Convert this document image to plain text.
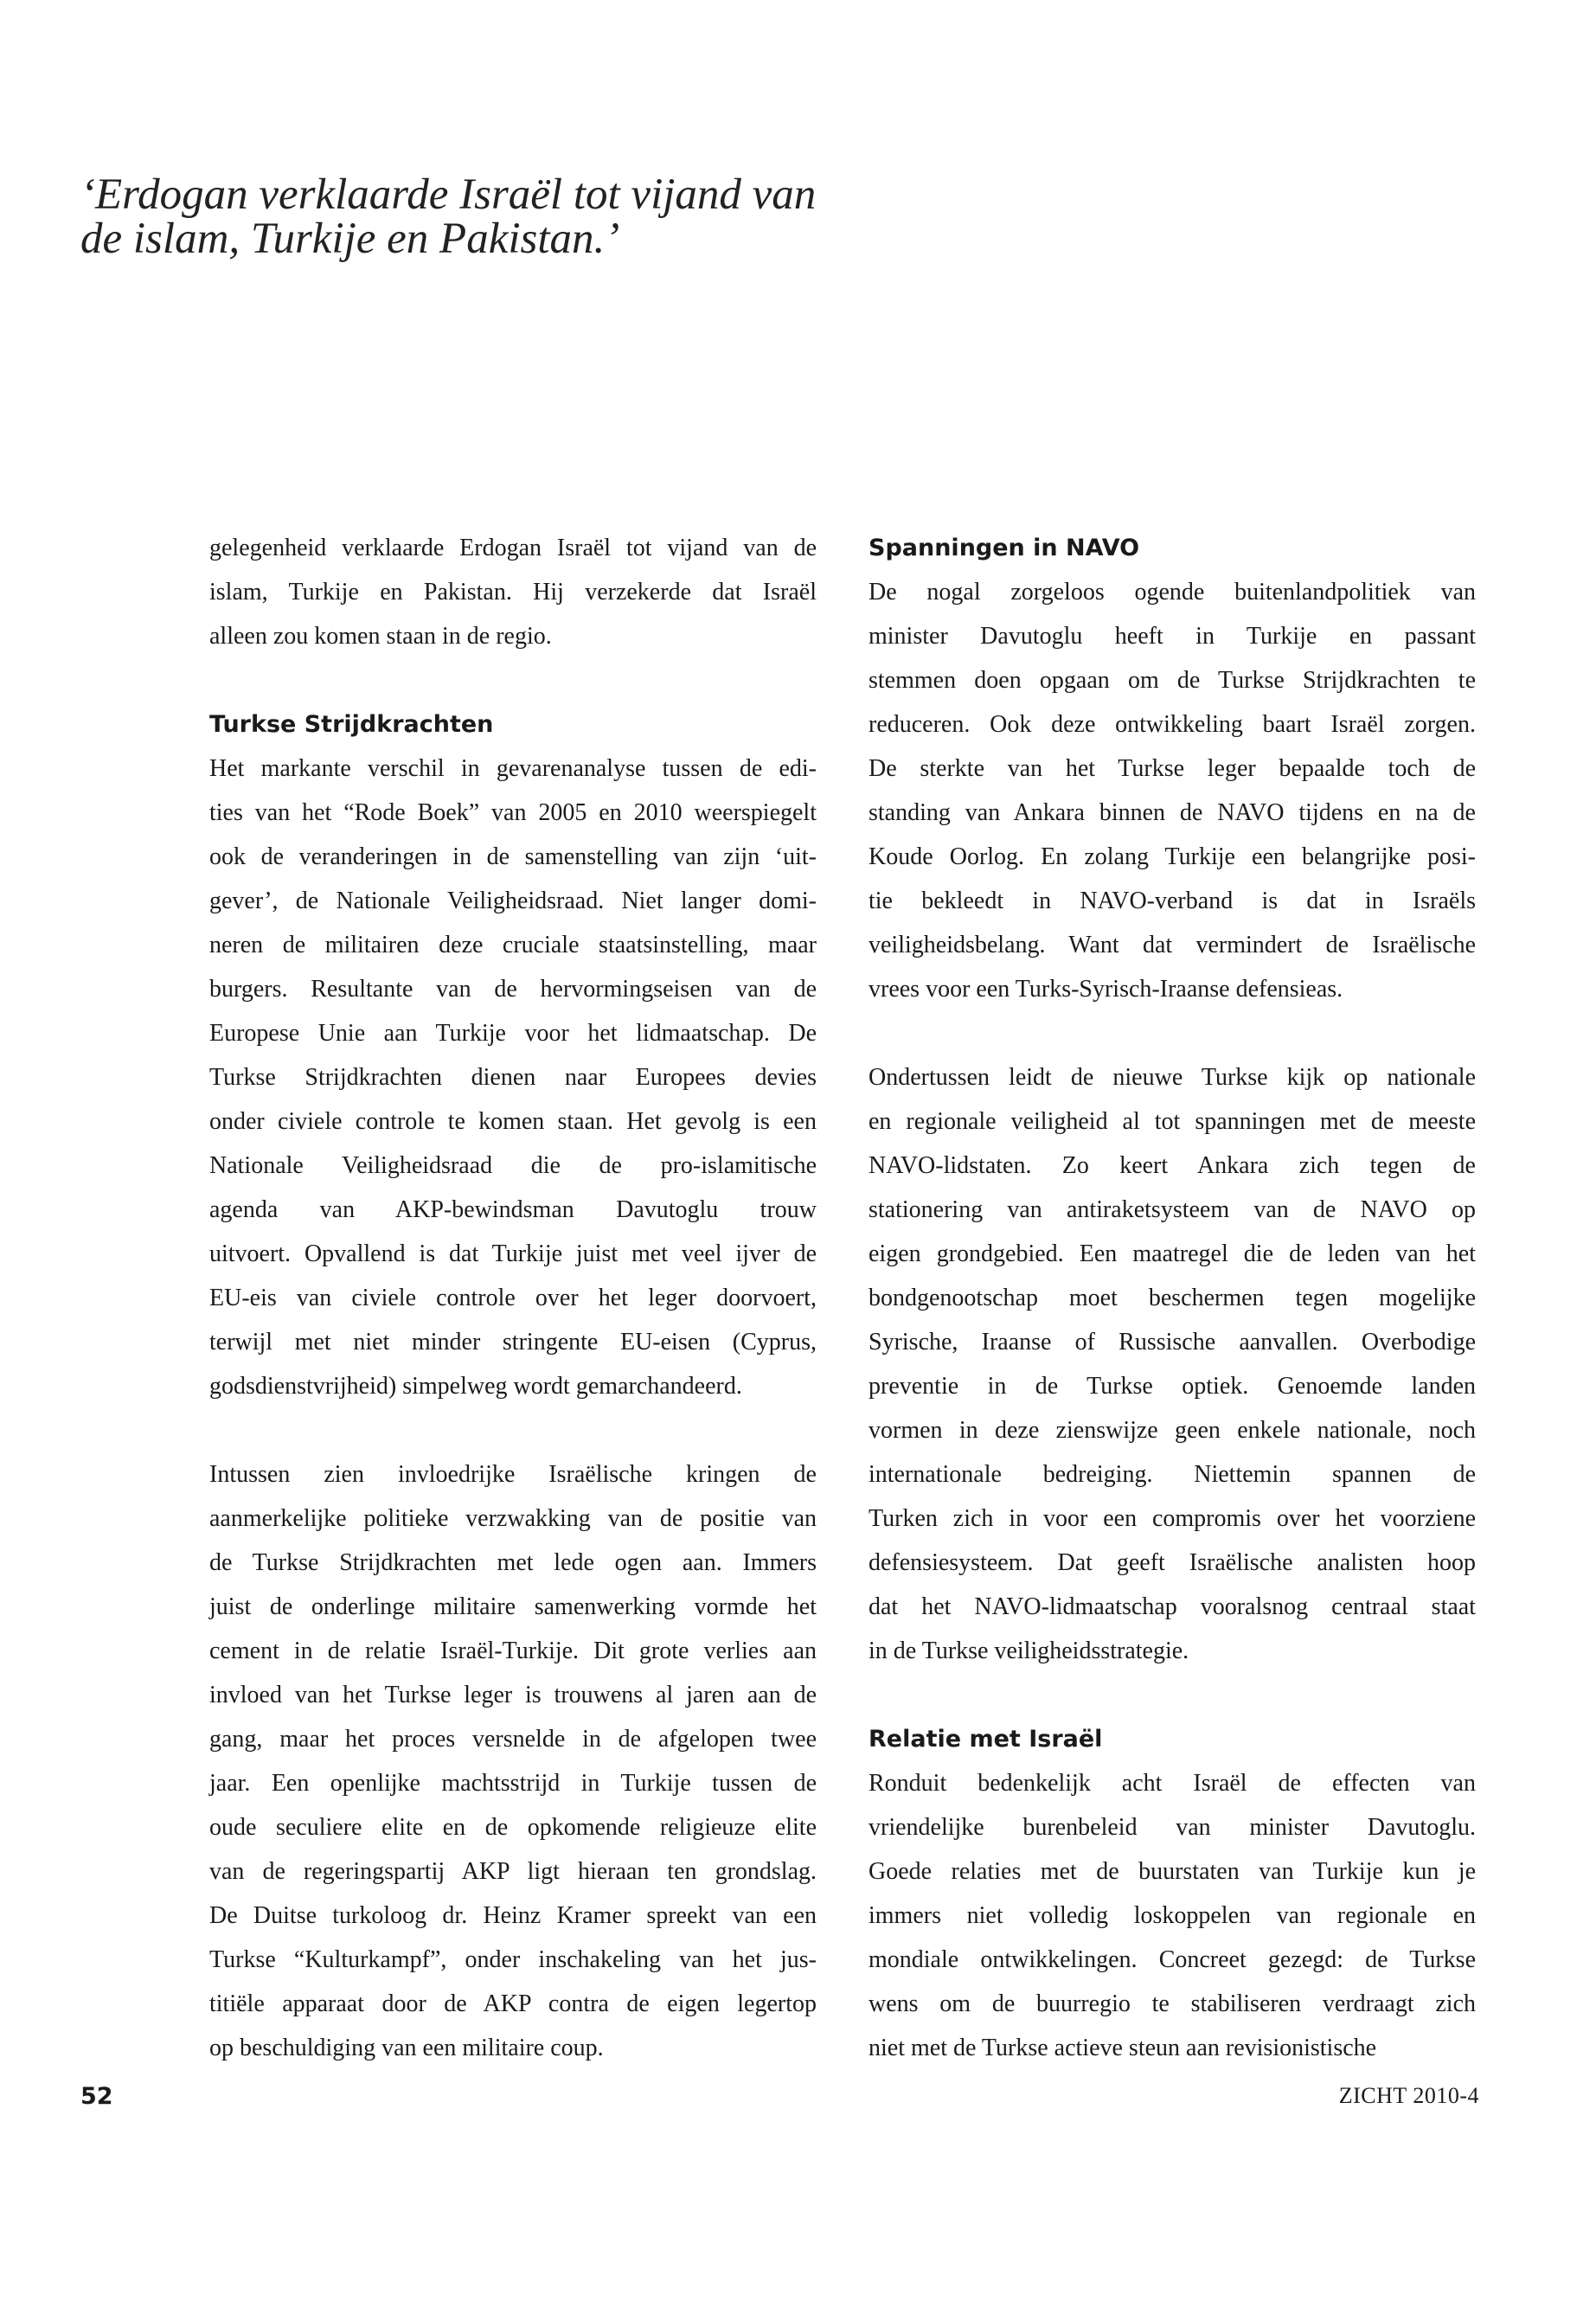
‘Erdogan verklaarde Israël tot vijand van
de islam, Turkije en Pakistan.’
gelegenheid verklaarde Erdogan Israël tot vijand van de
islam, Turkije en Pakistan. Hij verzekerde dat Israël
alleen zou komen staan in de regio.
Turkse Strijdkrachten
Het markante verschil in gevarenanalyse tussen de edi-
ties van het “Rode Boek” van 2005 en 2010 weerspiegelt
ook de veranderingen in de samenstelling van zijn ‘uit-
gever’, de Nationale Veiligheidsraad. Niet langer domi-
neren de militairen deze cruciale staatsinstelling, maar
burgers. Resultante van de hervormingseisen van de
Europese Unie aan Turkije voor het lidmaatschap. De
Turkse Strijdkrachten dienen naar Europees devies
onder civiele controle te komen staan. Het gevolg is een
Nationale Veiligheidsraad die de pro-islamitische
agenda van AKP-bewindsman Davutoglu trouw
uitvoert. Opvallend is dat Turkije juist met veel ijver de
EU-eis van civiele controle over het leger doorvoert,
terwijl met niet minder stringente EU-eisen (Cyprus,
godsdienstvrijheid) simpelweg wordt gemarchandeerd.
Intussen zien invloedrijke Israëlische kringen de
aanmerkelijke politieke verzwakking van de positie van
de Turkse Strijdkrachten met lede ogen aan. Immers
juist de onderlinge militaire samenwerking vormde het
cement in de relatie Israël-Turkije. Dit grote verlies aan
invloed van het Turkse leger is trouwens al jaren aan de
gang, maar het proces versnelde in de afgelopen twee
jaar. Een openlijke machtsstrijd in Turkije tussen de
oude seculiere elite en de opkomende religieuze elite
van de regeringspartij AKP ligt hieraan ten grondslag.
De Duitse turkoloog dr. Heinz Kramer spreekt van een
Turkse “Kulturkampf”, onder inschakeling van het jus-
titiële apparaat door de AKP contra de eigen legertop
op beschuldiging van een militaire coup.
Spanningen in NAVO
De nogal zorgeloos ogende buitenlandpolitiek van
minister Davutoglu heeft in Turkije en passant
stemmen doen opgaan om de Turkse Strijdkrachten te
reduceren. Ook deze ontwikkeling baart Israël zorgen.
De sterkte van het Turkse leger bepaalde toch de
standing van Ankara binnen de NAVO tijdens en na de
Koude Oorlog. En zolang Turkije een belangrijke posi-
tie bekleedt in NAVO-verband is dat in Israëls
veiligheidsbelang. Want dat vermindert de Israëlische
vrees voor een Turks-Syrisch-Iraanse defensieas.
Ondertussen leidt de nieuwe Turkse kijk op nationale
en regionale veiligheid al tot spanningen met de meeste
NAVO-lidstaten. Zo keert Ankara zich tegen de
stationering van antiraketsysteem van de NAVO op
eigen grondgebied. Een maatregel die de leden van het
bondgenootschap moet beschermen tegen mogelijke
Syrische, Iraanse of Russische aanvallen. Overbodige
preventie in de Turkse optiek. Genoemde landen
vormen in deze zienswijze geen enkele nationale, noch
internationale bedreiging. Niettemin spannen de
Turken zich in voor een compromis over het voorziene
defensiesysteem. Dat geeft Israëlische analisten hoop
dat het NAVO-lidmaatschap vooralsnog centraal staat
in de Turkse veiligheidsstrategie.
Relatie met Israël
Ronduit bedenkelijk acht Israël de effecten van
vriendelijke burenbeleid van minister Davutoglu.
Goede relaties met de buurstaten van Turkije kun je
immers niet volledig loskoppelen van regionale en
mondiale ontwikkelingen. Concreet gezegd: de Turkse
wens om de buurregio te stabiliseren verdraagt zich
niet met de Turkse actieve steun aan revisionistische
52	ZICHT 2010-4
